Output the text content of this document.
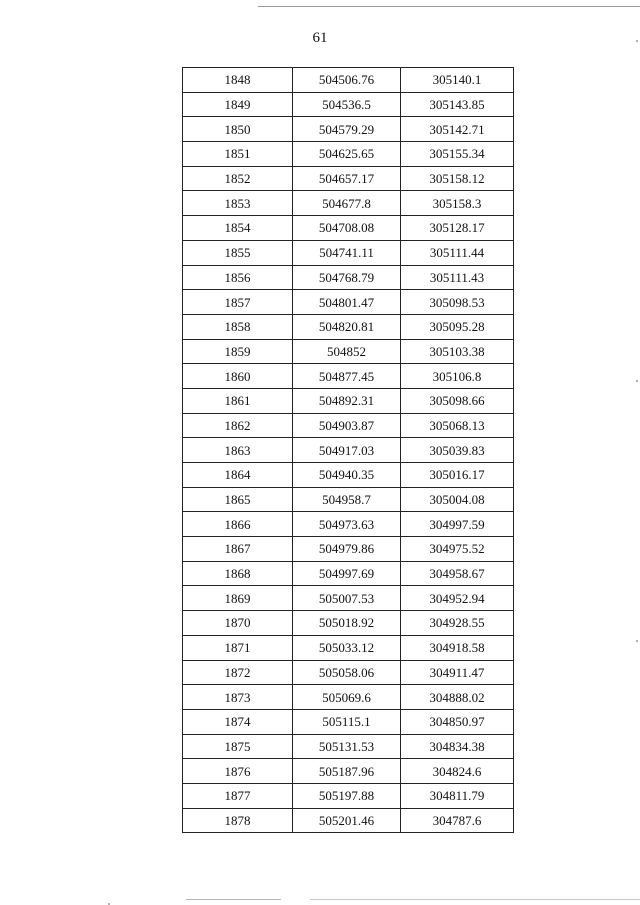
61
1848	504506.76	305140.1
1849	504536.5	305143.85
1850	504579.29	305142.71
1851	504625.65	305155.34
1852	504657.17	305158.12
1853	504677.8	305158.3
1854	504708.08	305128.17
1855	504741.11	305111.44
1856	504768.79	305111.43
1857	504801.47	305098.53
1858	504820.81	305095.28
1859	504852	305103.38
1860	504877.45	305106.8
1861	504892.31	305098.66
1862	504903.87	305068.13
1863	504917.03	305039.83
1864	504940.35	305016.17
1865	504958.7	305004.08
1866	504973.63	304997.59
1867	504979.86	304975.52
1868	504997.69	304958.67
1869	505007.53	304952.94
1870	505018.92	304928.55
1871	505033.12	304918.58
1872	505058.06	304911.47
1873	505069.6	304888.02
1874	505115.1	304850.97
1875	505131.53	304834.38
1876	505187.96	304824.6
1877	505197.88	304811.79
1878	505201.46	304787.6
